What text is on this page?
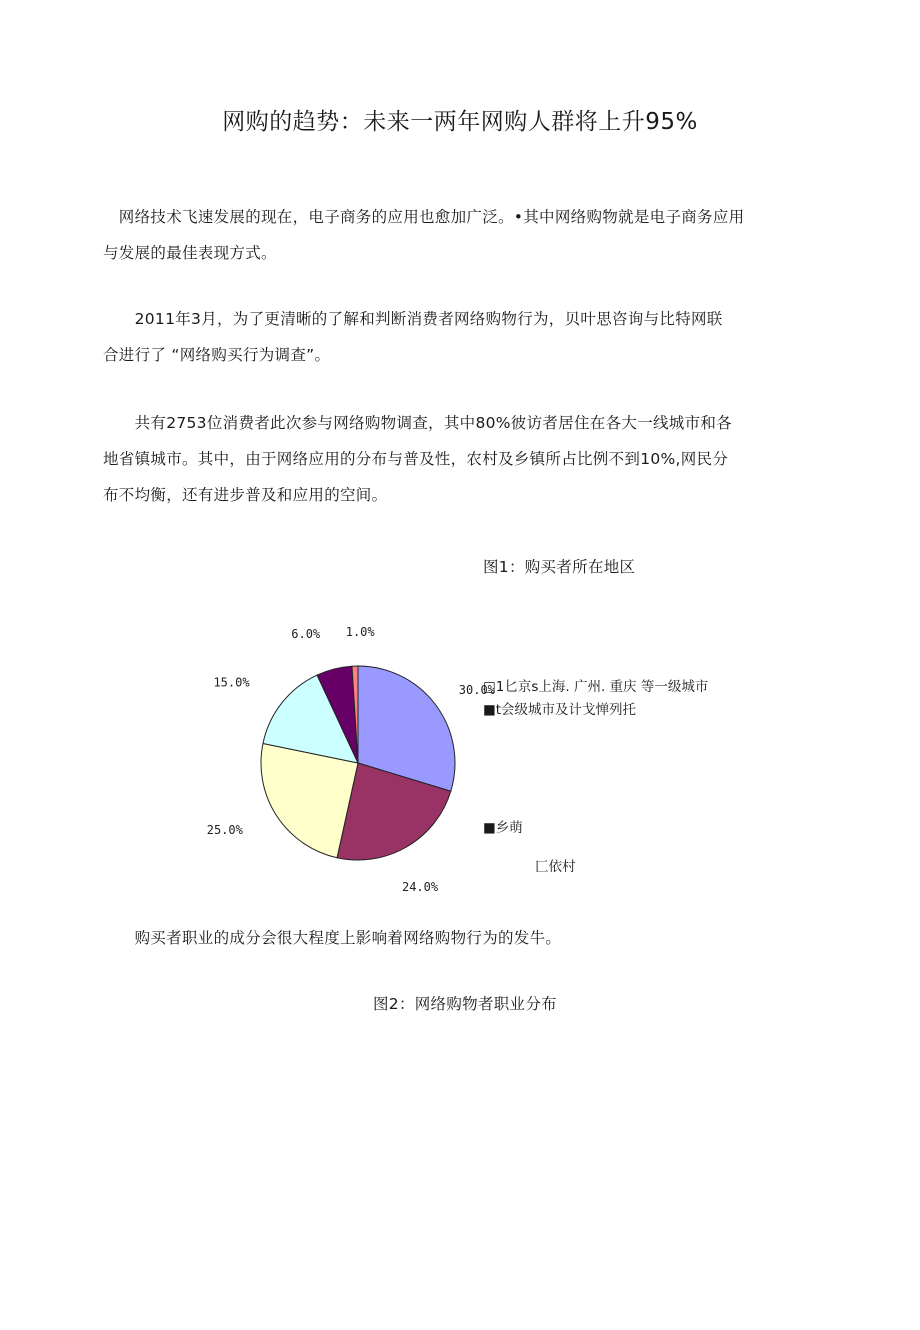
网购的趋势：未来一两年网购人群将上升95%

　网络技术飞速发展的现在，电子商务的应用也愈加广泛。•其中网络购物就是电子商务应用
与发展的最佳表现方式。

　　2011年3月，为了更清晰的了解和判断消费者网络购物行为，贝叶思咨询与比特网联
合进行了 “网络购买行为调查”。

　　共有2753位消费者此次参与网络购物调查，其中80%彼访者居住在各大一线城市和各
地省镇城市。其中，由于网络应用的分布与普及性，农村及乡镇所占比例不到10%,网民分
布不均衡，还有进步普及和应用的空间。

图1：购买者所在地区
30.0%
24.0%
25.0%
15.0%
6.0% 1.0%
□1匕京s上海. 广州. 重庆 等一级城市
■t会级城市及计戈惮列托
■乡萌
匚依村

　　购买者职业的成分会很大程度上影响着网络购物行为的发牛。

图2：网络购物者职业分布
